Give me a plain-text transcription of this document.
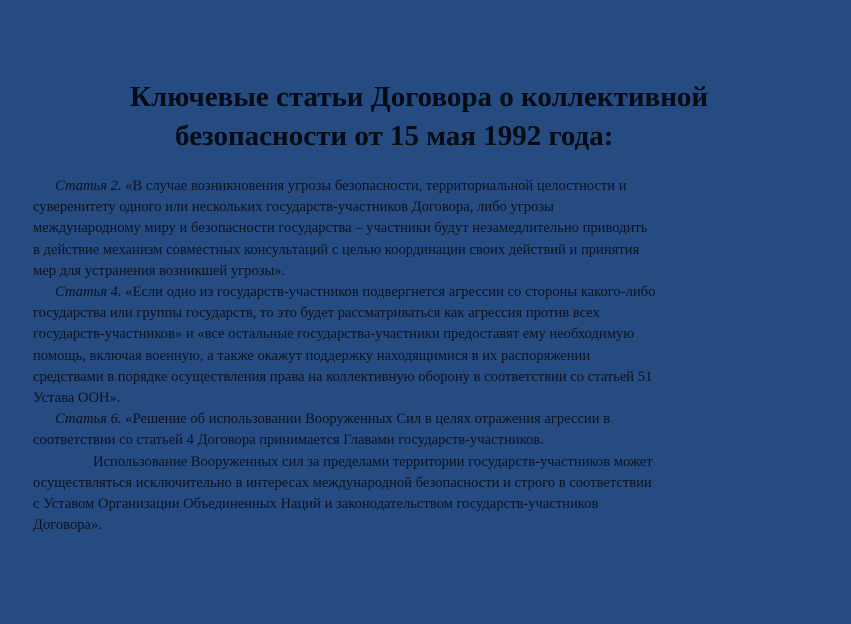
Ключевые статьи Договора о коллективной
безопасности от 15 мая 1992 года:
Статья 2. «В случае возникновения угрозы безопасности, территориальной целостности и
суверенитету одного или нескольких государств-участников Договора, либо угрозы
международному миру и безопасности государства – участники будут незамедлительно приводить
в действие механизм совместных консультаций с целью координации своих действий и принятия
мер для устранения возникшей угрозы».
Статья 4. «Если одно из государств-участников подвергнется агрессии со стороны какого-либо
государства или группы государств, то это будет рассматриваться как агрессия против всех
государств-участников» и «все остальные государства-участники предоставят ему необходимую
помощь, включая военную, а также окажут поддержку находящимися в их распоряжении
средствами в порядке осуществления права на коллективную оборону в соответствии со статьей 51
Устава ООН».
Статья 6. «Решение об использовании Вооруженных Сил в целях отражения агрессии в
соответствии со статьей 4 Договора принимается Главами государств-участников.
Использование Вооруженных сил за пределами территории государств-участников может
осуществляться исключительно в интересах международной безопасности и строго в соответствии
с Уставом Организации Объединенных Наций и законодательством государств-участников
Договора».
